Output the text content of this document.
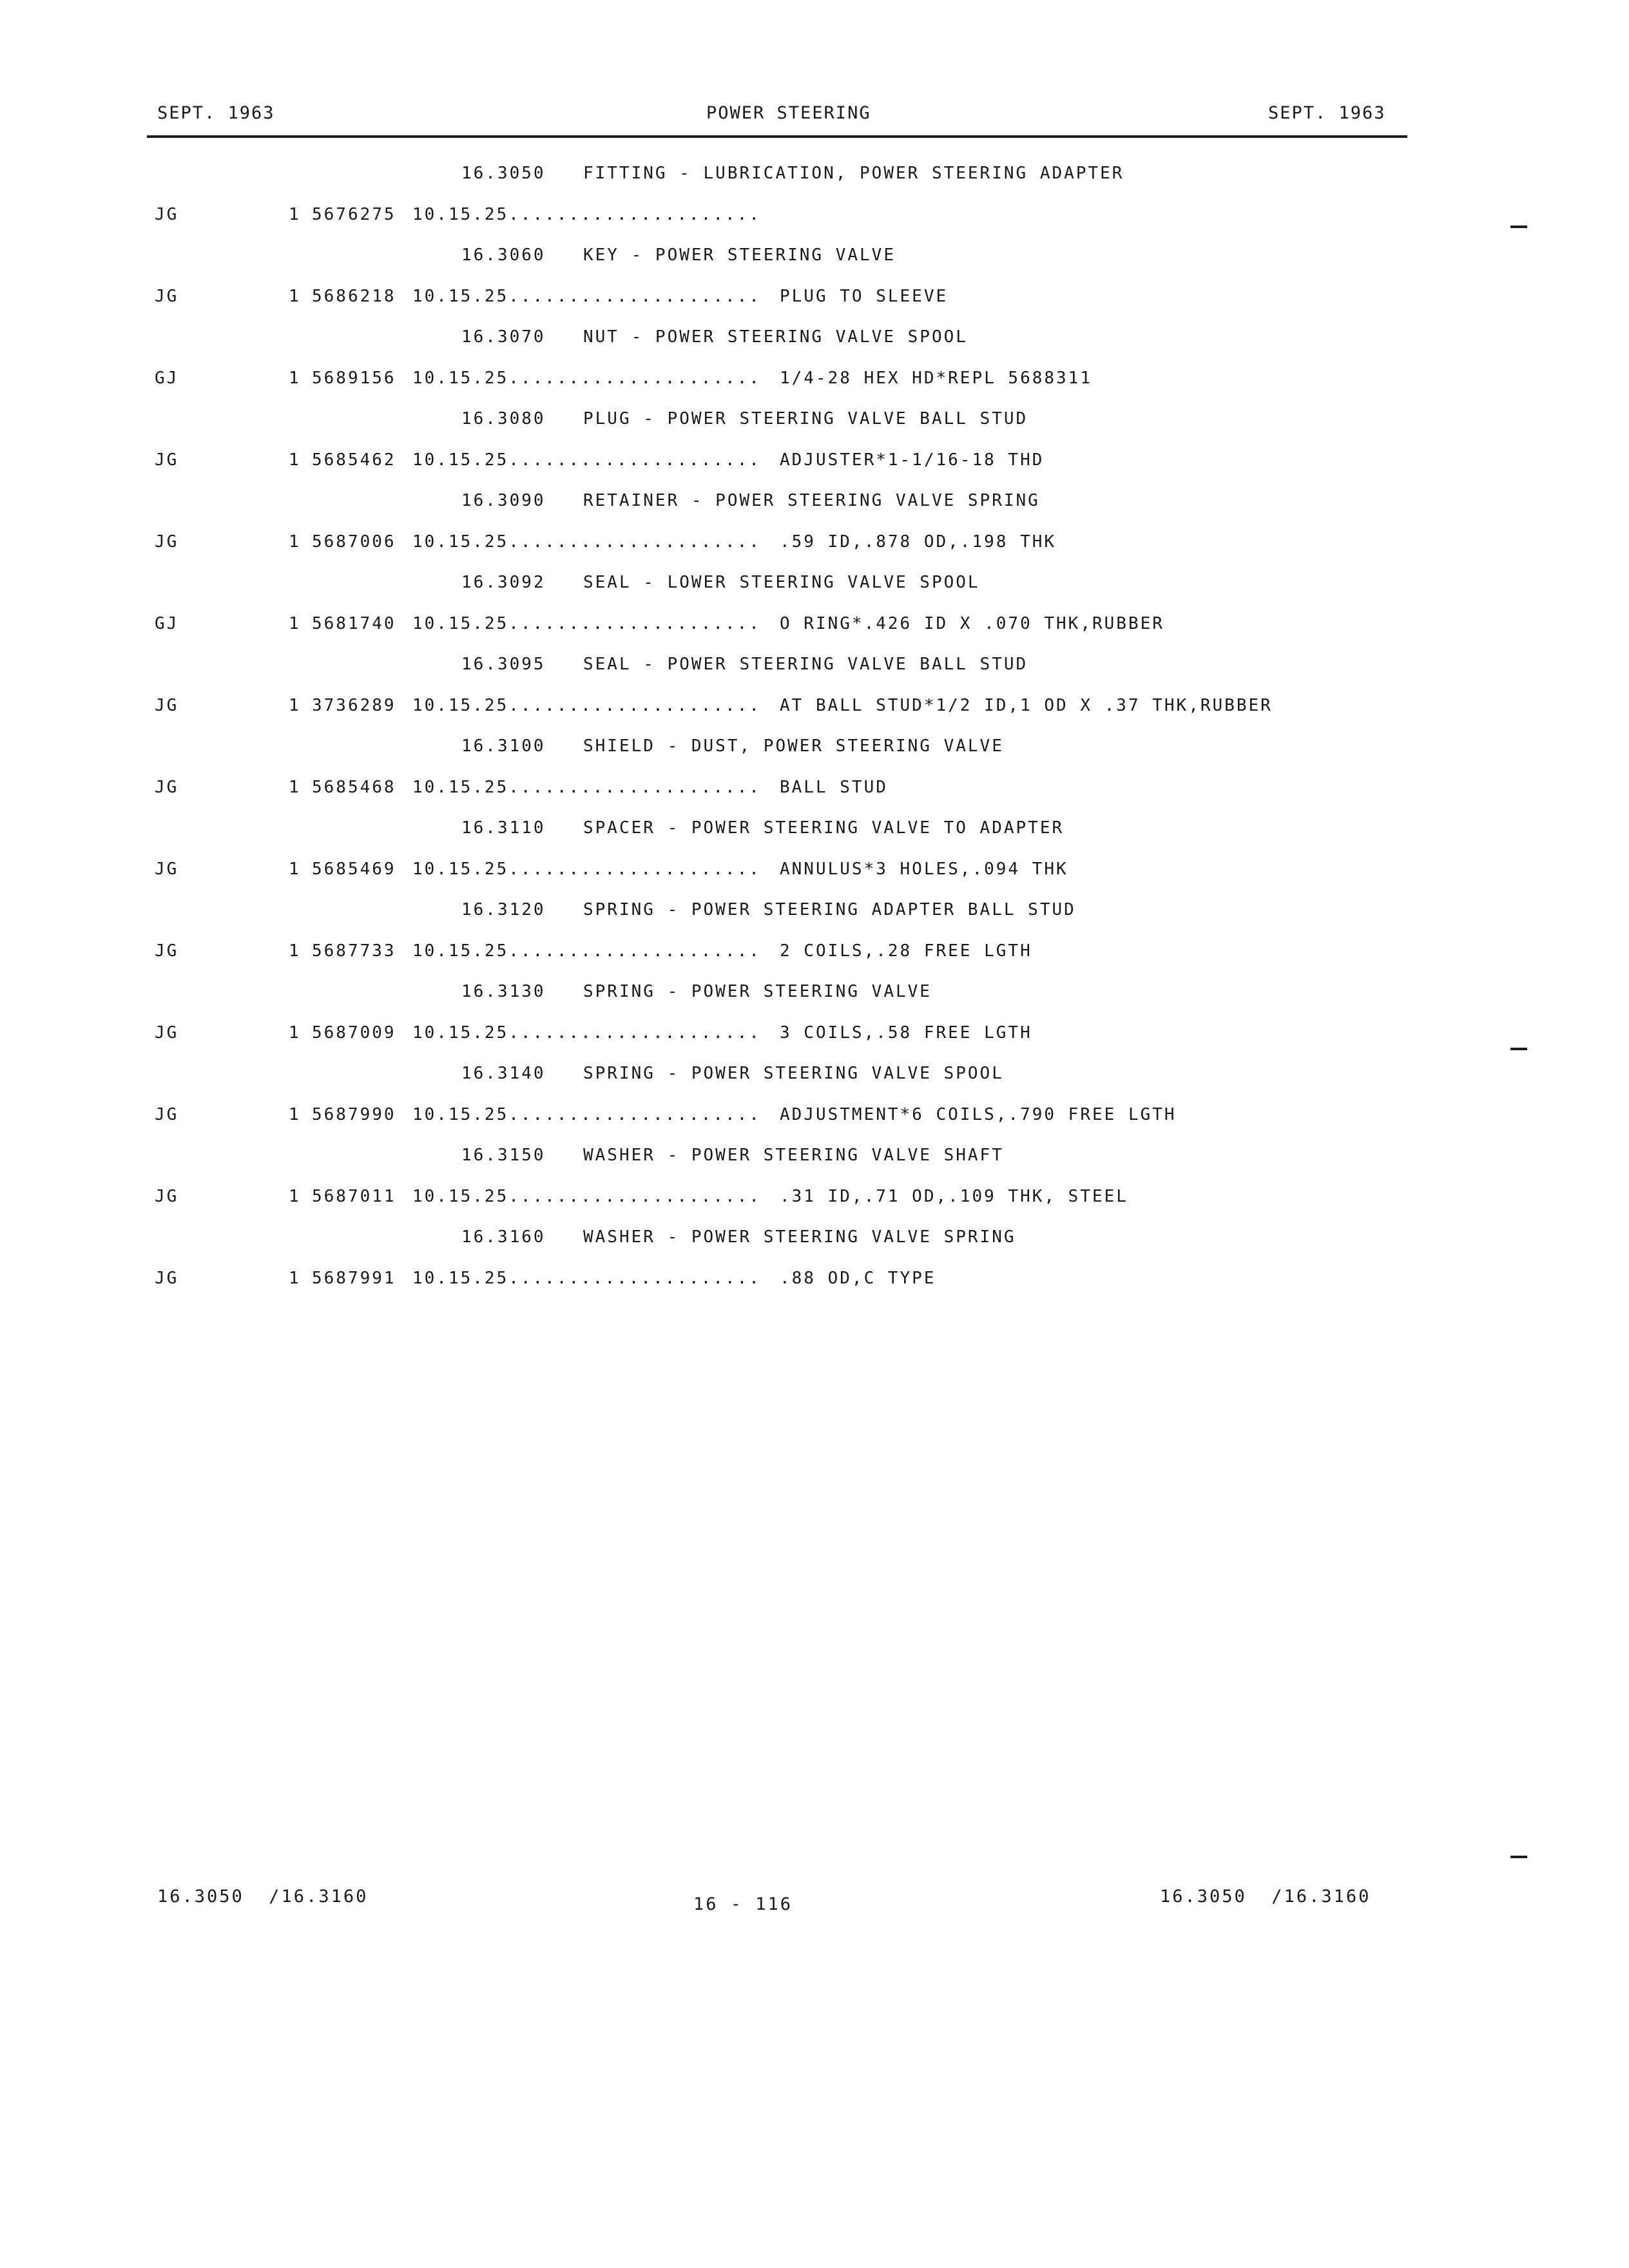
SEPT. 1963	POWER STEERING	SEPT. 1963
16.3050 FITTING - LUBRICATION, POWER STEERING ADAPTER
JG	1 5676275 10.15.25.....................
16.3060 KEY - POWER STEERING VALVE
JG	1 5686218 10.15.25..................... PLUG TO SLEEVE
16.3070 NUT - POWER STEERING VALVE SPOOL
GJ	1 5689156 10.15.25..................... 1/4-28 HEX HD*REPL 5688311
16.3080 PLUG - POWER STEERING VALVE BALL STUD
JG	1 5685462 10.15.25..................... ADJUSTER*1-1/16-18 THD
16.3090 RETAINER - POWER STEERING VALVE SPRING
JG	1 5687006 10.15.25..................... .59 ID,.878 OD,.198 THK
16.3092 SEAL - LOWER STEERING VALVE SPOOL
GJ	1 5681740 10.15.25..................... O RING*.426 ID X .070 THK,RUBBER
16.3095 SEAL - POWER STEERING VALVE BALL STUD
JG	1 3736289 10.15.25..................... AT BALL STUD*1/2 ID,1 OD X .37 THK,RUBBER
16.3100 SHIELD - DUST, POWER STEERING VALVE
JG	1 5685468 10.15.25..................... BALL STUD
16.3110 SPACER - POWER STEERING VALVE TO ADAPTER
JG	1 5685469 10.15.25..................... ANNULUS*3 HOLES,.094 THK
16.3120 SPRING - POWER STEERING ADAPTER BALL STUD
JG	1 5687733 10.15.25..................... 2 COILS,.28 FREE LGTH
16.3130 SPRING - POWER STEERING VALVE
JG	1 5687009 10.15.25..................... 3 COILS,.58 FREE LGTH
16.3140 SPRING - POWER STEERING VALVE SPOOL
JG	1 5687990 10.15.25..................... ADJUSTMENT*6 COILS,.790 FREE LGTH
16.3150 WASHER - POWER STEERING VALVE SHAFT
JG	1 5687011 10.15.25..................... .31 ID,.71 OD,.109 THK, STEEL
16.3160 WASHER - POWER STEERING VALVE SPRING
JG	1 5687991 10.15.25..................... .88 OD,C TYPE
16.3050  /16.3160	16 - 116	16.3050  /16.3160
